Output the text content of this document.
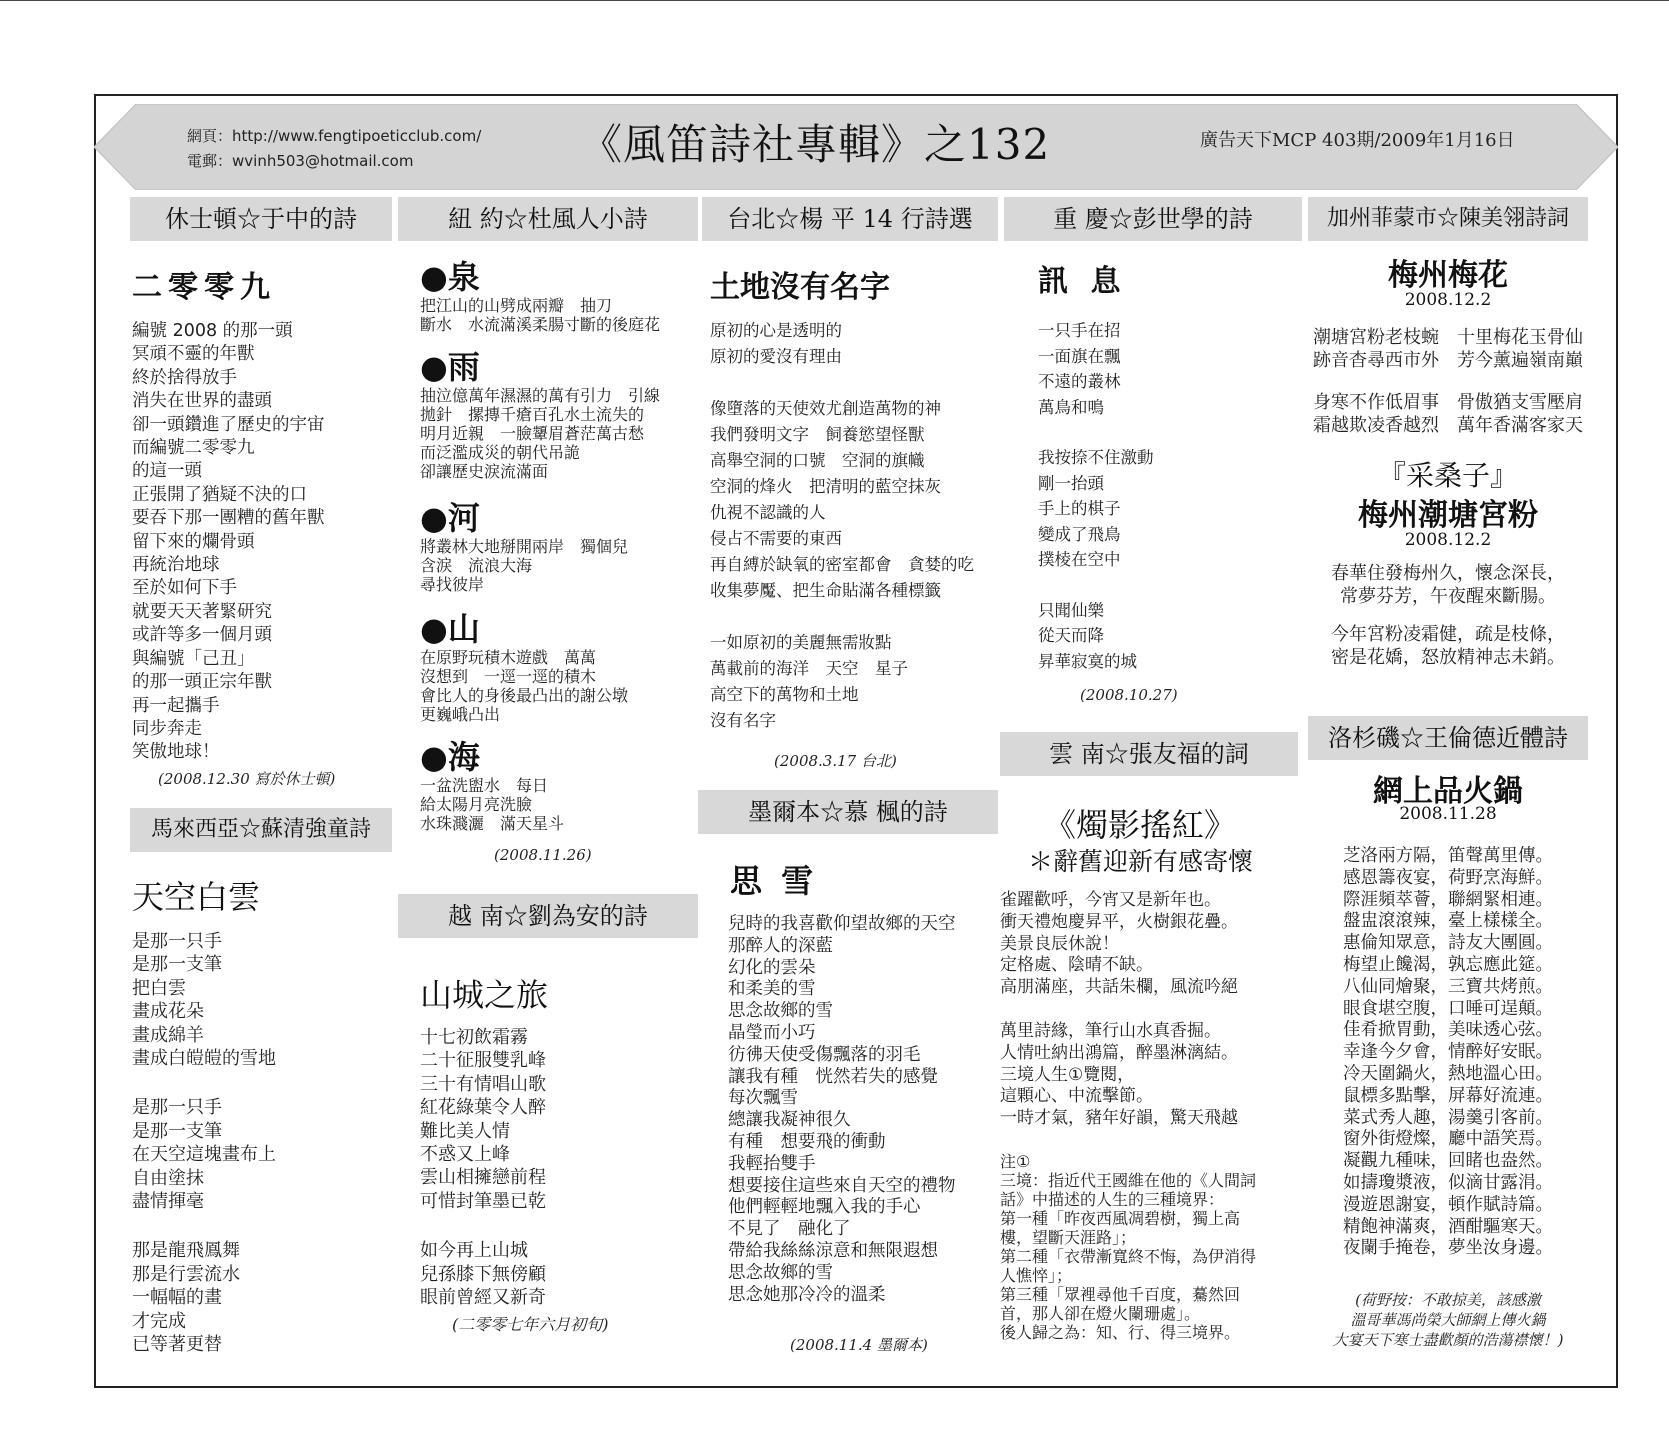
網頁：http://www.fengtipoeticclub.com/
電郵：wvinh503@hotmail.com	《風笛詩社專輯》之132	廣告天下MCP 403期/2009年1月16日
休士頓☆于中的詩
二零零九
編號 2008 的那一頭
冥頑不靈的年獸
終於捨得放手
消失在世界的盡頭
卻一頭鑽進了歷史的宇宙
而編號二零零九
的這一頭
正張開了猶疑不決的口
要吞下那一團糟的舊年獸
留下來的爛骨頭
再統治地球
至於如何下手
就要天天著緊研究
或許等多一個月頭
與編號「己丑」
的那一頭正宗年獸
再一起攜手
同步奔走
笑傲地球！
(2008.12.30 寫於休士頓)
馬來西亞☆蘇清強童詩
天空白雲
是那一只手
是那一支筆
把白雲
畫成花朵
畫成綿羊
畫成白皚皚的雪地
是那一只手
是那一支筆
在天空這塊畫布上
自由塗抹
盡情揮毫
那是龍飛鳳舞
那是行雲流水
一幅幅的畫
才完成
已等著更替
紐 約☆杜風人小詩
●泉
把江山的山劈成兩瓣　抽刀
斷水　水流滿溪柔腸寸斷的後庭花
●雨
抽泣億萬年濕濕的萬有引力　引線
拋針　摞摶千瘡百孔水土流失的
明月近親　一臉顰眉蒼茫萬古愁
而泛濫成災的朝代吊詭
卻讓歷史淚流滿面
●河
將叢林大地掰開兩岸　獨個兒
含淚　流浪大海
尋找彼岸
●山
在原野玩積木遊戲　萬萬
沒想到　一逕一逕的積木
會比人的身後最凸出的謝公墩
更巍峨凸出
●海
一盆洗盥水　每日
給太陽月亮洗臉
水珠濺灑　滿天星斗
(2008.11.26)
越 南☆劉為安的詩
山城之旅
十七初飲霜霧
二十征服雙乳峰
三十有情唱山歌
紅花綠葉令人醉
難比美人情
不惑又上峰
雲山相擁戀前程
可惜封筆墨已乾
如今再上山城
兒孫膝下無傍顧
眼前曾經又新奇
(二零零七年六月初旬)
台北☆楊 平 14 行詩選
土地沒有名字
原初的心是透明的
原初的愛沒有理由
像墮落的天使效尤創造萬物的神
我們發明文字　飼養慾望怪獸
高舉空洞的口號　空洞的旗幟
空洞的烽火　把清明的藍空抹灰
仇視不認識的人
侵占不需要的東西
再自縛於缺氧的密室都會　貪婪的吃
收集夢魘、把生命貼滿各種標籤
一如原初的美麗無需妝點
萬載前的海洋　天空　星子
高空下的萬物和土地
沒有名字
(2008.3.17 台北)
墨爾本☆慕 楓的詩
思 雪
兒時的我喜歡仰望故鄉的天空
那醉人的深藍
幻化的雲朵
和柔美的雪
思念故鄉的雪
晶瑩而小巧
彷彿天使受傷飄落的羽毛
讓我有種　恍然若失的感覺
每次飄雪
總讓我凝神很久
有種　想要飛的衝動
我輕抬雙手
想要接住這些來自天空的禮物
他們輕輕地飄入我的手心
不見了　融化了
帶給我絲絲涼意和無限遐想
思念故鄉的雪
思念她那冷冷的溫柔
(2008.11.4 墨爾本)
重 慶☆彭世學的詩
訊 息
一只手在招
一面旗在飄
不遠的叢林
萬鳥和鳴
我按捺不住激動
剛一抬頭
手上的棋子
變成了飛鳥
撲棱在空中
只聞仙樂
從天而降
昇華寂寞的城
(2008.10.27)
雲 南☆張友福的詞
《燭影搖紅》
＊辭舊迎新有感寄懷
雀躍歡呼，今宵又是新年也。
衝天禮炮慶昇平，火樹銀花疊。
美景良辰休說！
定格處、陰晴不缺。
高朋滿座，共話朱欄，風流吟絕
萬里詩緣，筆行山水真香掘。
人情吐納出鴻篇，醉墨淋漓結。
三境人生①覽閱，
這顆心、中流擊節。
一時才氣，豬年好韻，驚天飛越
注①
三境：指近代王國維在他的《人間詞
話》中描述的人生的三種境界：
第一種「昨夜西風凋碧樹，獨上高
樓，望斷天涯路」；
第二種「衣帶漸寬終不悔，為伊消得
人憔悴」；
第三種「眾裡尋他千百度，驀然回
首，那人卻在燈火闌珊處」。
後人歸之為：知、行、得三境界。
加州菲蒙市☆陳美翎詩詞
梅州梅花
2008.12.2
潮塘宮粉老枝蜿　十里梅花玉骨仙
跡音杳尋西市外　芳今薰遍嶺南巔
身寒不作低眉事　骨傲猶支雪壓肩
霜越欺凌香越烈　萬年香滿客家天
『采桑子』
梅州潮塘宮粉
2008.12.2
春華住發梅州久，懷念深長，
常夢芬芳，午夜醒來斷腸。
今年宮粉凌霜健，疏是枝條，
密是花嬌，怒放精神志未銷。
洛杉磯☆王倫德近體詩
網上品火鍋
2008.11.28
芝洛兩方隔，笛聲萬里傳。
感恩籌夜宴，荷野烹海鮮。
際涯頻萃薈，聯網緊相連。
盤盅滾滾辣，臺上樣樣全。
惠倫知眾意，詩友大團圓。
梅望止饞渴，孰忘應此筵。
八仙同燴聚，三寶共烤煎。
眼食堪空腹，口唾可逞顛。
佳肴掀胃動，美味透心弦。
幸逢今夕會，情醉好安眠。
冷天圍鍋火，熱地溫心田。
鼠標多點擊，屏幕好流連。
菜式秀人趣，湯羹引客前。
窗外街燈燦，廳中語笑焉。
凝觀九種味，回睹也盎然。
如擣瓊漿液，似滴甘露涓。
漫遊恩謝宴，頓作賦詩篇。
精飽神滿爽，酒酣驅寒天。
夜闌手掩卷，夢坐汝身邊。
(荷野按：不敢掠美，該感激
溫哥華馮尚榮大師網上傳火鍋
大宴天下寒士盡歡顏的浩蕩襟懷！)
